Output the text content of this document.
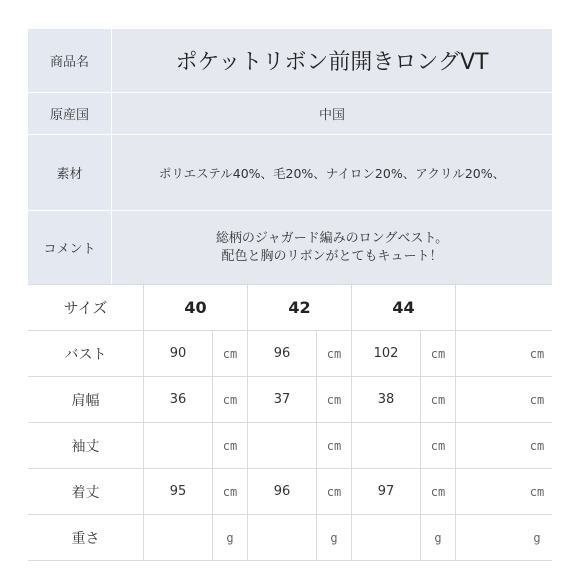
商品名	ポケットリボン前開きロングVT
原産国	中国
素材	ポリエステル40%、毛20%、ナイロン20%、アクリル20%、
コメント	総柄のジャガード編みのロングベスト。
配色と胸のリボンがとてもキュート！
サイズ	40		42		44			
バスト	90	cm	96	cm	102	cm		cm
肩幅	36	cm	37	cm	38	cm		cm
袖丈		cm		cm		cm		cm
着丈	95	cm	96	cm	97	cm		cm
重さ		g		g		g		g
